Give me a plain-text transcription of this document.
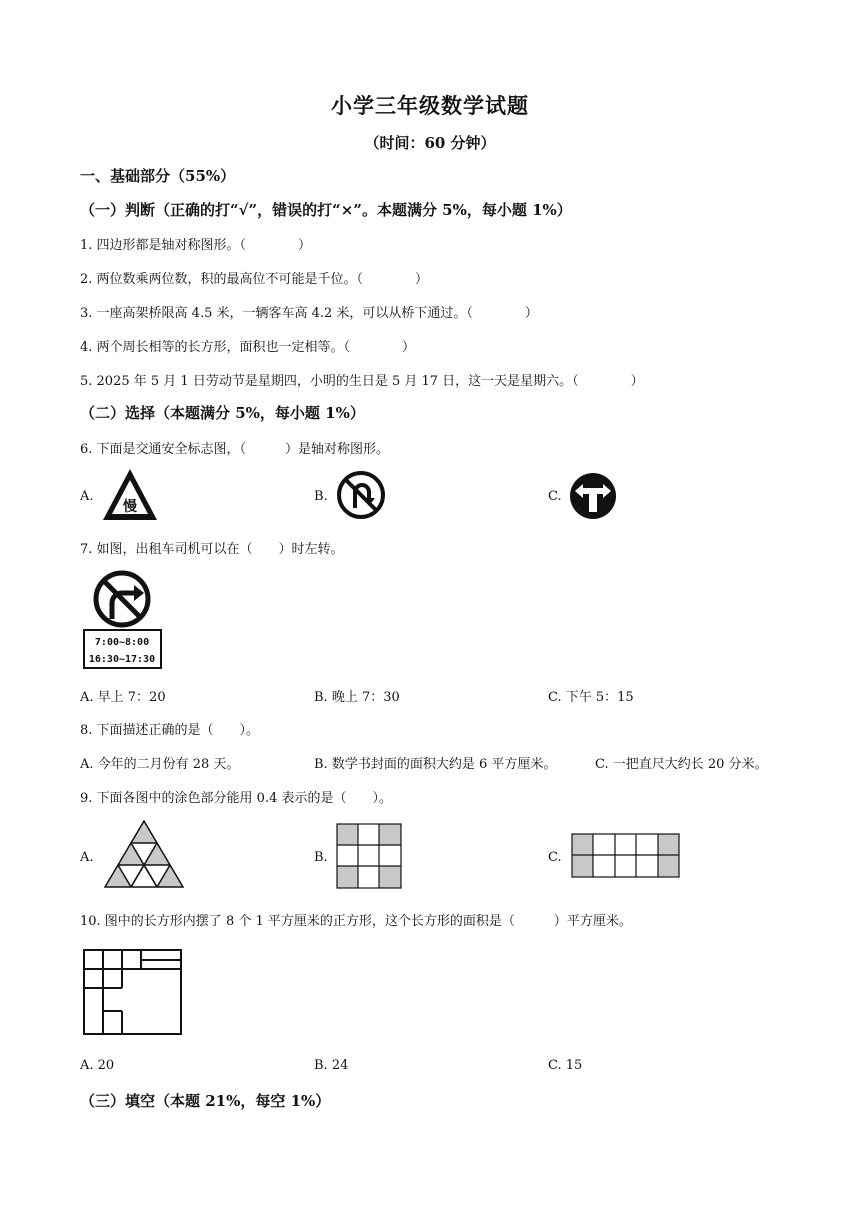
小学三年级数学试题
（时间：60 分钟）
一、基础部分（55%）
（一）判断（正确的打“√”，错误的打“×”。本题满分 5%，每小题 1%）
1. 四边形都是轴对称图形。（　　　　）
2. 两位数乘两位数，积的最高位不可能是千位。（　　　　）
3. 一座高架桥限高 4.5 米，一辆客车高 4.2 米，可以从桥下通过。（　　　　）
4. 两个周长相等的长方形，面积也一定相等。（　　　　）
5. 2025 年 5 月 1 日劳动节是星期四，小明的生日是 5 月 17 日，这一天是星期六。（　　　　）
（二）选择（本题满分 5%，每小题 1%）
6. 下面是交通安全标志图，（　　　）是轴对称图形。
A.
慢
B.	C.
7. 如图，出租车司机可以在（　　）时左转。
7:00~8:00
16:30~17:30
A. 早上 7：20	B. 晚上 7：30	C. 下午 5：15
8. 下面描述正确的是（　　）。
A. 今年的二月份有 28 天。	B. 数学书封面的面积大约是 6 平方厘米。	C. 一把直尺大约长 20 分米。
9. 下面各图中的涂色部分能用 0.4 表示的是（　　）。
A.	B.	C.
10. 图中的长方形内摆了 8 个 1 平方厘米的正方形，这个长方形的面积是（　　　）平方厘米。
A. 20	B. 24	C. 15
（三）填空（本题 21%，每空 1%）
